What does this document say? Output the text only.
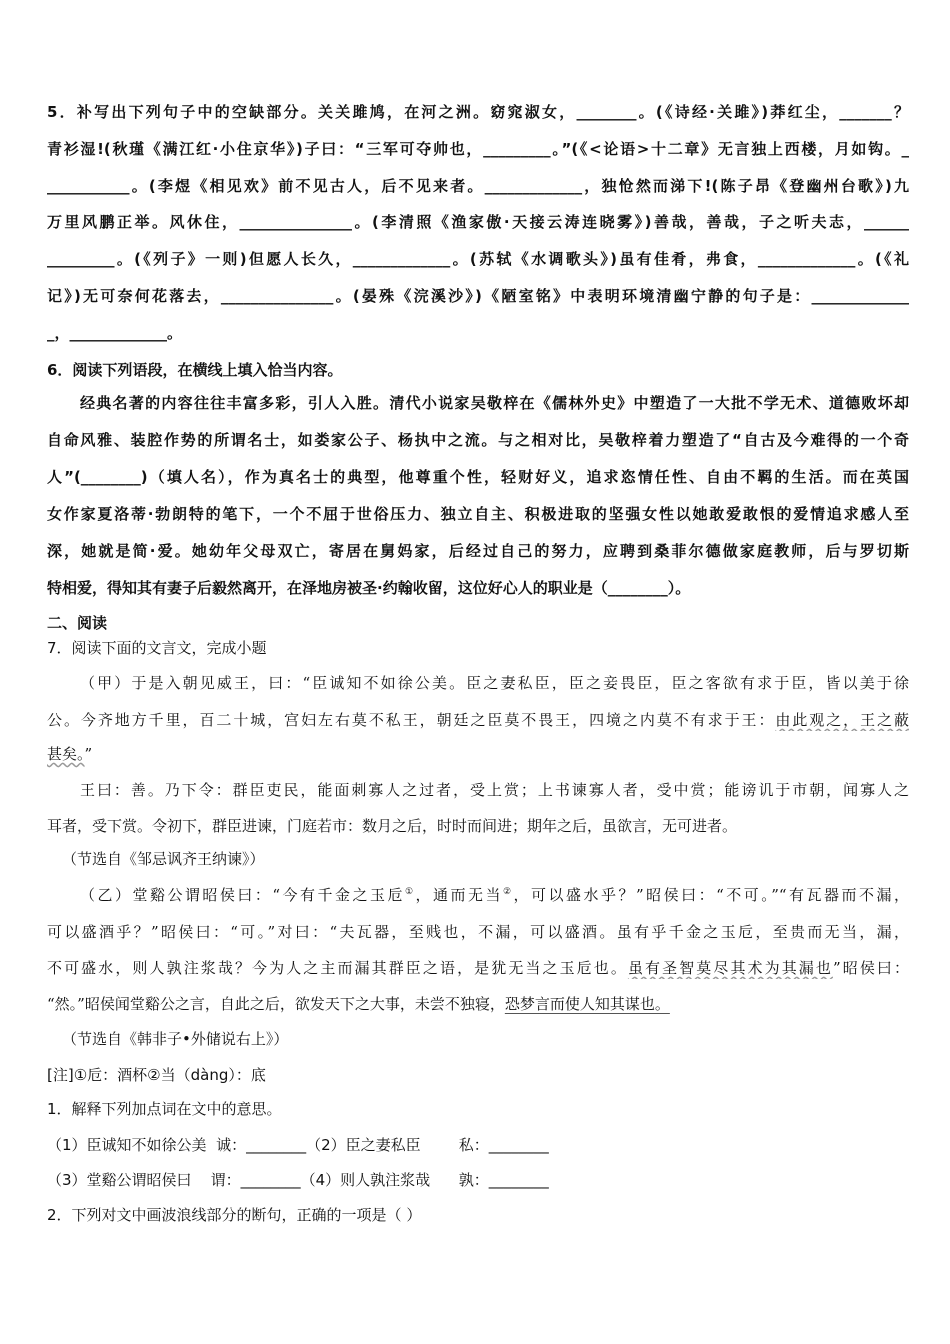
5．补写出下列句子中的空缺部分。关关雎鸠，在河之洲。窈窕淑女，________。(《诗经·关雎》)莽红尘，_______？
青衫湿!(秋瑾《满江红·小住京华》)子曰：“三军可夺帅也，_________。”(《<论语>十二章》无言独上西楼，月如钩。_
___________。(李煜《相见欢》前不见古人，后不见来者。_____________，独怆然而涕下!(陈子昂《登幽州台歌》)九
万里风鹏正举。风休住，_______________。(李清照《渔家傲·天接云涛连晓雾》)善哉，善哉，子之听夫志，______
_________。(《列子》一则)但愿人长久，_____________。(苏轼《水调歌头》)虽有佳肴，弗食，_____________。(《礼
记》)无可奈何花落去，_______________。(晏殊《浣溪沙》)《陋室铭》中表明环境清幽宁静的句子是：_____________
_，_____________。
6．阅读下列语段，在横线上填入恰当内容。
经典名著的内容往往丰富多彩，引人入胜。清代小说家吴敬梓在《儒林外史》中塑造了一大批不学无术、道德败坏却
自命风雅、装腔作势的所谓名士，如娄家公子、杨执中之流。与之相对比，吴敬梓着力塑造了“自古及今难得的一个奇
人”(________)（填人名），作为真名士的典型，他尊重个性，轻财好义，追求恣情任性、自由不羁的生活。而在英国
女作家夏洛蒂·勃朗特的笔下，一个不屈于世俗压力、独立自主、积极进取的坚强女性以她敢爱敢恨的爱情追求感人至
深，她就是简·爱。她幼年父母双亡，寄居在舅妈家，后经过自己的努力，应聘到桑菲尔德做家庭教师，后与罗切斯
特相爱，得知其有妻子后毅然离开，在泽地房被圣·约翰收留，这位好心人的职业是（________）。
二、阅读
7．阅读下面的文言文，完成小题
（甲）于是入朝见威王，曰：“臣诚知不如徐公美。臣之妻私臣，臣之妾畏臣，臣之客欲有求于臣，皆以美于徐
公。今齐地方千里，百二十城，宫妇左右莫不私王，朝廷之臣莫不畏王，四境之内莫不有求于王：由此观之，王之蔽
甚矣。”
王曰：善。乃下令：群臣吏民，能面刺寡人之过者，受上赏；上书谏寡人者，受中赏；能谤讥于市朝，闻寡人之
耳者，受下赏。令初下，群臣进谏，门庭若市：数月之后，时时而间进；期年之后，虽欲言，无可进者。
（节选自《邹忌讽齐王纳谏》）
（乙）堂谿公谓昭侯曰：“今有千金之玉卮①，通而无当②，可以盛水乎？”昭侯曰：“不可。”“有瓦器而不漏，
可以盛酒乎？”昭侯曰：“可。”对曰：“夫瓦器，至贱也，不漏，可以盛酒。虽有乎千金之玉卮，至贵而无当，漏，
不可盛水，则人孰注浆哉？今为人之主而漏其群臣之语，是犹无当之玉卮也。虽有圣智莫尽其术为其漏也”昭侯曰：
“然。”昭侯闻堂谿公之言，自此之后，欲发天下之大事，未尝不独寝，恐梦言而使人知其谋也。
（节选自《韩非子•外储说右上》）
[注]①卮：酒杯②当（dàng）：底
1．解释下列加点词在文中的意思。
（1）臣诚知不如徐公美  诚：________（2）臣之妻私臣        私：________
（3）堂谿公谓昭侯曰    谓：________（4）则人孰注浆哉      孰：________
2．下列对文中画波浪线部分的断句，正确的一项是（ ）
